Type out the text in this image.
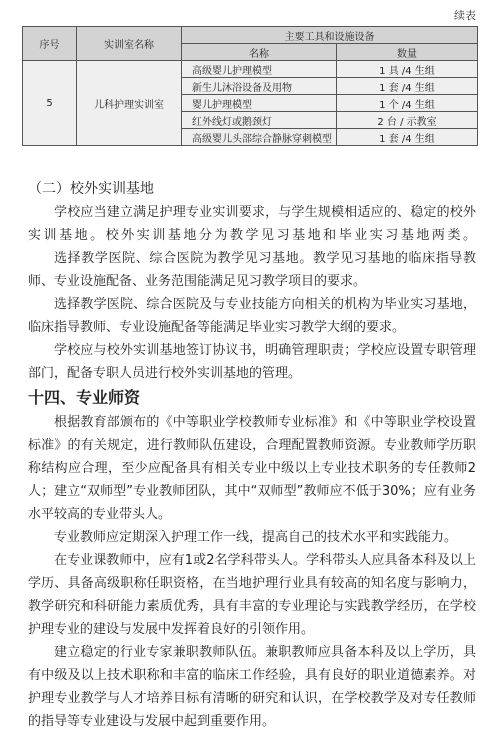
续表
序号	实训室名称	主要工具和设施设备	
		名称	数量
5	儿科护理实训室	高级婴儿护理模型	1 具 /4 生组
		新生儿沐浴设备及用物	1 套 /4 生组
		婴儿护理模型	1 个 /4 生组
		红外线灯或鹅颈灯	2 台 / 示教室
		高级婴儿头部综合静脉穿刺模型	1 套 /4 生组

（二）校外实训基地

学校应当建立满足护理专业实训要求，与学生规模相适应的、稳定的校外实训基地。校外实训基地分为教学见习基地和毕业实习基地两类。

选择教学医院、综合医院为教学见习基地。教学见习基地的临床指导教师、专业设施配备、业务范围能满足见习教学项目的要求。

选择教学医院、综合医院及与专业技能方向相关的机构为毕业实习基地，临床指导教师、专业设施配备等能满足毕业实习教学大纲的要求。

学校应与校外实训基地签订协议书，明确管理职责；学校应设置专职管理部门，配备专职人员进行校外实训基地的管理。

十四、专业师资

根据教育部颁布的《中等职业学校教师专业标准》和《中等职业学校设置标准》的有关规定，进行教师队伍建设，合理配置教师资源。专业教师学历职称结构应合理，至少应配备具有相关专业中级以上专业技术职务的专任教师2人；建立“双师型”专业教师团队，其中“双师型”教师应不低于30%；应有业务水平较高的专业带头人。

专业教师应定期深入护理工作一线，提高自己的技术水平和实践能力。

在专业课教师中，应有1或2名学科带头人。学科带头人应具备本科及以上学历、具备高级职称任职资格，在当地护理行业具有较高的知名度与影响力，教学研究和科研能力素质优秀，具有丰富的专业理论与实践教学经历，在学校护理专业的建设与发展中发挥着良好的引领作用。

建立稳定的行业专家兼职教师队伍。兼职教师应具备本科及以上学历，具有中级及以上技术职称和丰富的临床工作经验，具有良好的职业道德素养。对护理专业教学与人才培养目标有清晰的研究和认识，在学校教学及对专任教师的指导等专业建设与发展中起到重要作用。
